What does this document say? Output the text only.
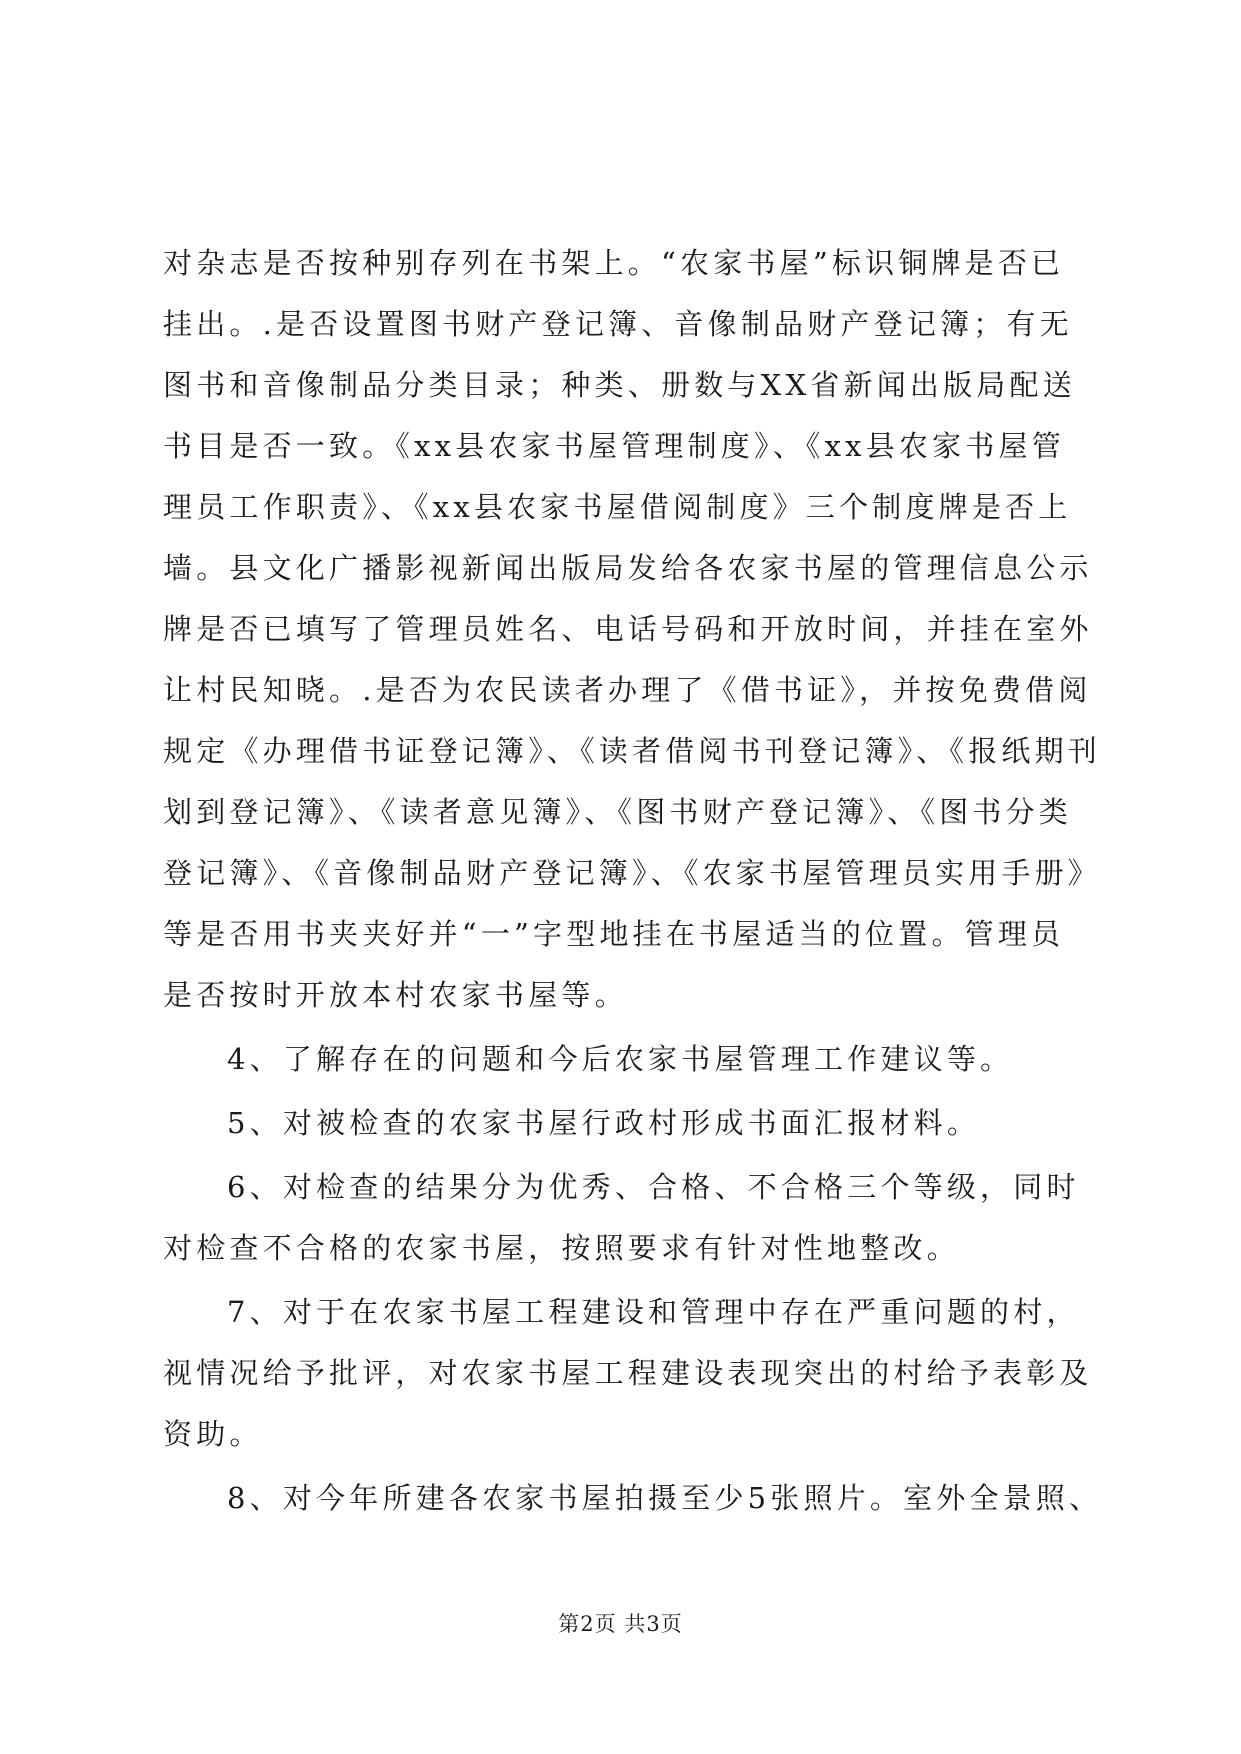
对杂志是否按种别存列在书架上。“农家书屋”标识铜牌是否已
挂出。.是否设置图书财产登记簿、音像制品财产登记簿；有无
图书和音像制品分类目录；种类、册数与XX省新闻出版局配送
书目是否一致。《xx县农家书屋管理制度》、《xx县农家书屋管
理员工作职责》、《xx县农家书屋借阅制度》三个制度牌是否上
墙。县文化广播影视新闻出版局发给各农家书屋的管理信息公示
牌是否已填写了管理员姓名、电话号码和开放时间，并挂在室外
让村民知晓。.是否为农民读者办理了《借书证》，并按免费借阅
规定《办理借书证登记簿》、《读者借阅书刊登记簿》、《报纸期刊
划到登记簿》、《读者意见簿》、《图书财产登记簿》、《图书分类
登记簿》、《音像制品财产登记簿》、《农家书屋管理员实用手册》
等是否用书夹夹好并“一”字型地挂在书屋适当的位置。管理员
是否按时开放本村农家书屋等。
4、了解存在的问题和今后农家书屋管理工作建议等。
5、对被检查的农家书屋行政村形成书面汇报材料。
6、对检查的结果分为优秀、合格、不合格三个等级，同时
对检查不合格的农家书屋，按照要求有针对性地整改。
7、对于在农家书屋工程建设和管理中存在严重问题的村，
视情况给予批评，对农家书屋工程建设表现突出的村给予表彰及
资助。
8、对今年所建各农家书屋拍摄至少5张照片。室外全景照、
第2页 共3页
